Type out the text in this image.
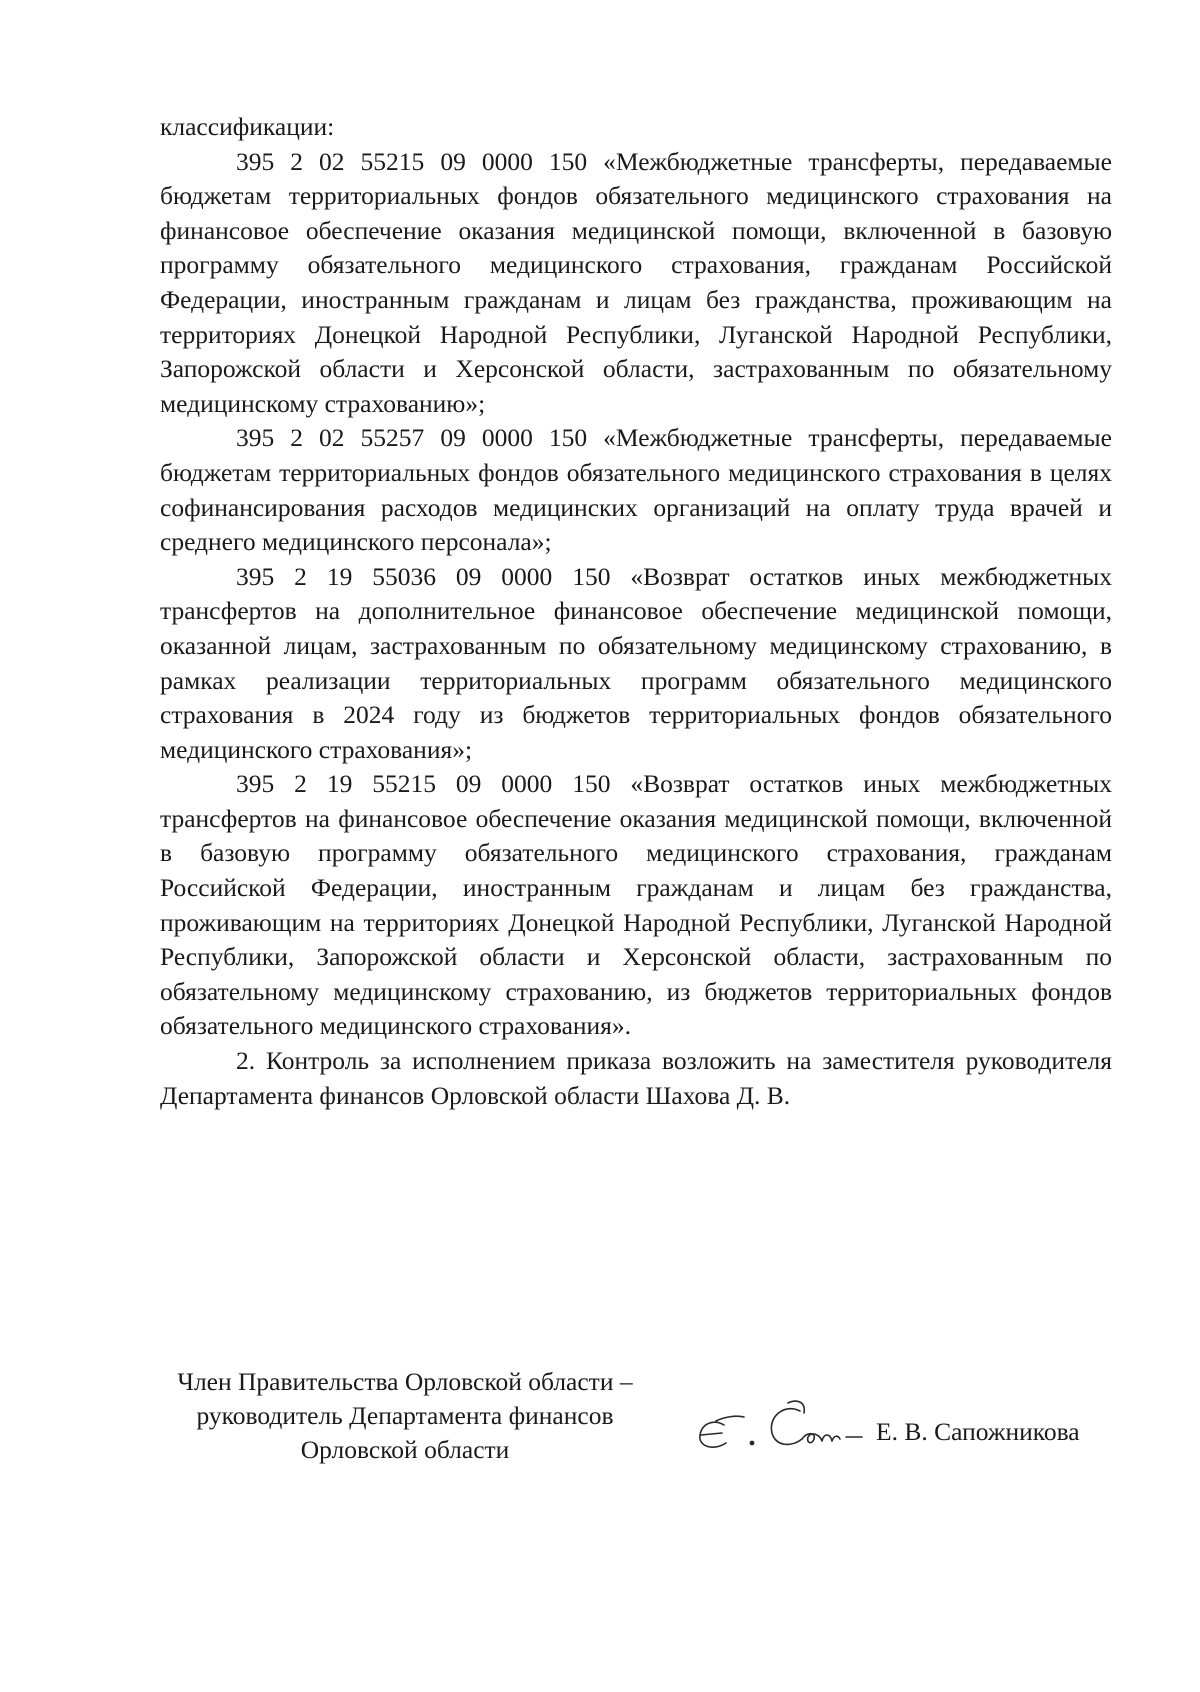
классификации:

395 2 02 55215 09 0000 150 «Межбюджетные трансферты, передаваемые бюджетам территориальных фондов обязательного медицинского страхования на финансовое обеспечение оказания медицинской помощи, включенной в базовую программу обязательного медицинского страхования, гражданам Российской Федерации, иностранным гражданам и лицам без гражданства, проживающим на территориях Донецкой Народной Республики, Луганской Народной Республики, Запорожской области и Херсонской области, застрахованным по обязательному медицинскому страхованию»;

395 2 02 55257 09 0000 150 «Межбюджетные трансферты, передаваемые бюджетам территориальных фондов обязательного медицинского страхования в целях софинансирования расходов медицинских организаций на оплату труда врачей и среднего медицинского персонала»;

395 2 19 55036 09 0000 150 «Возврат остатков иных межбюджетных трансфертов на дополнительное финансовое обеспечение медицинской помощи, оказанной лицам, застрахованным по обязательному медицинскому страхованию, в рамках реализации территориальных программ обязательного медицинского страхования в 2024 году из бюджетов территориальных фондов обязательного медицинского страхования»;

395 2 19 55215 09 0000 150 «Возврат остатков иных межбюджетных трансфертов на финансовое обеспечение оказания медицинской помощи, включенной в базовую программу обязательного медицинского страхования, гражданам Российской Федерации, иностранным гражданам и лицам без гражданства, проживающим на территориях Донецкой Народной Республики, Луганской Народной Республики, Запорожской области и Херсонской области, застрахованным по обязательному медицинскому страхованию, из бюджетов территориальных фондов обязательного медицинского страхования».

2. Контроль за исполнением приказа возложить на заместителя руководителя Департамента финансов Орловской области Шахова Д. В.

Член Правительства Орловской области –
руководитель Департамента финансов
Орловской области
Е. В. Сапожникова
